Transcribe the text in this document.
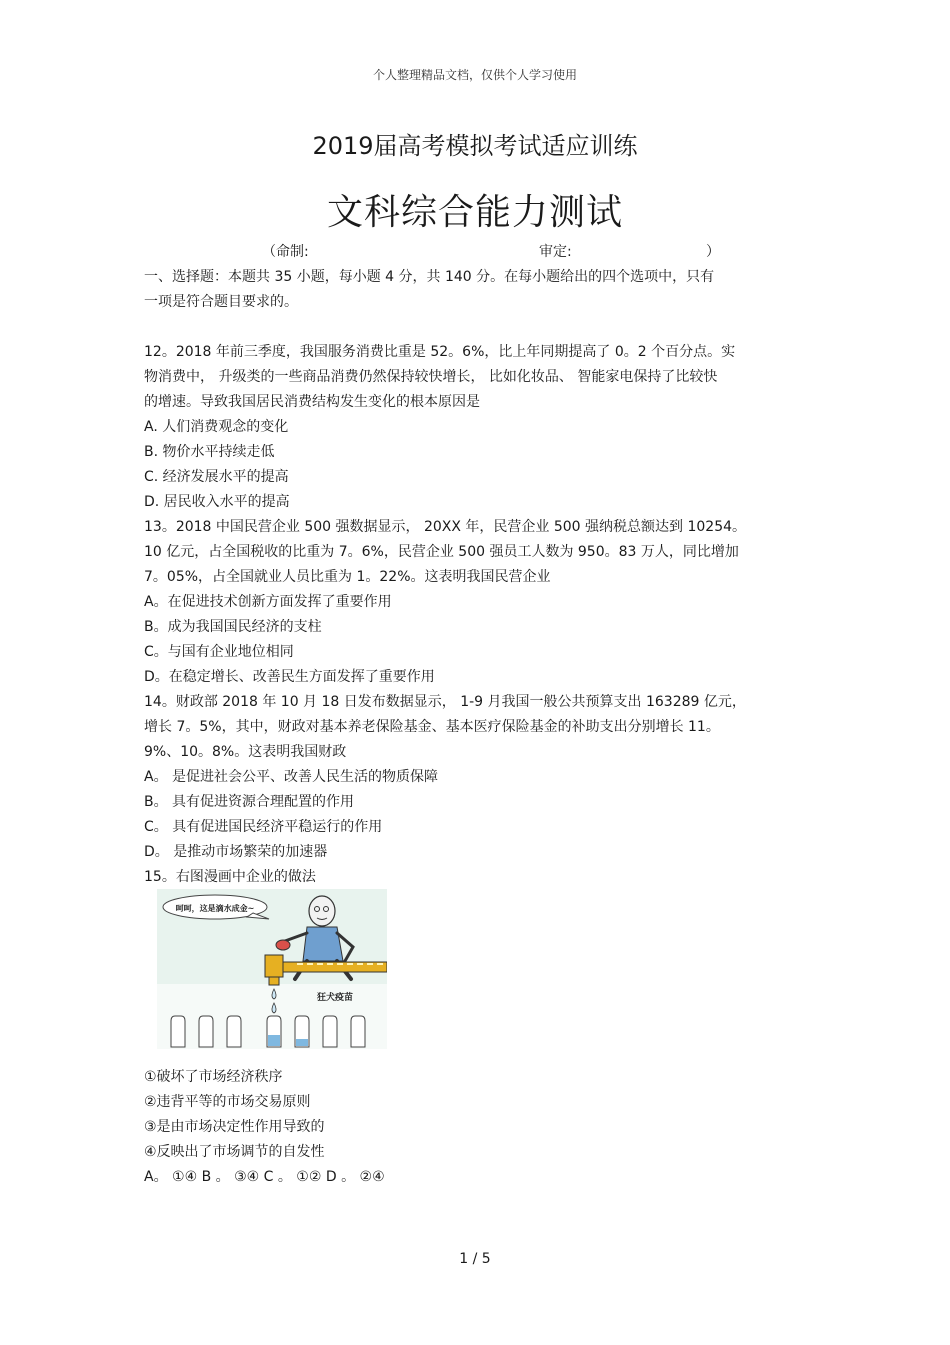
个人整理精品文档，仅供个人学习使用
2019届高考模拟考试适应训练
文科综合能力测试
（命制:	审定:	）
一、选择题：本题共 35 小题，每小题 4 分，共 140 分。在每小题给出的四个选项中，只有
一项是符合题目要求的。
12。2018 年前三季度，我国服务消费比重是 52。6%，比上年同期提高了 0。2 个百分点。实
物消费中， 升级类的一些商品消费仍然保持较快增长， 比如化妆品、 智能家电保持了比较快
的增速。导致我国居民消费结构发生变化的根本原因是
A. 人们消费观念的变化
B. 物价水平持续走低
C. 经济发展水平的提高
D. 居民收入水平的提高
13。2018 中国民营企业 500 强数据显示， 20XX 年，民营企业 500 强纳税总额达到 10254。
10 亿元，占全国税收的比重为 7。6%，民营企业 500 强员工人数为 950。83 万人，同比增加
7。05%，占全国就业人员比重为 1。22%。这表明我国民营企业
A。在促进技术创新方面发挥了重要作用
B。成为我国国民经济的支柱
C。与国有企业地位相同
D。在稳定增长、改善民生方面发挥了重要作用
14。财政部 2018 年 10 月 18 日发布数据显示， 1-9 月我国一般公共预算支出 163289 亿元，
增长 7。5%，其中，财政对基本养老保险基金、基本医疗保险基金的补助支出分别增长 11。
9%、10。8%。这表明我国财政
A。 是促进社会公平、改善人民生活的物质保障
B。 具有促进资源合理配置的作用
C。 具有促进国民经济平稳运行的作用
D。 是推动市场繁荣的加速器
15。右图漫画中企业的做法
呵呵，这是滴水成金~
狂犬疫苗
①破坏了市场经济秩序
②违背平等的市场交易原则
③是由市场决定性作用导致的
④反映出了市场调节的自发性
A。 ①④ B 。 ③④ C 。 ①② D 。 ②④
1 / 5
